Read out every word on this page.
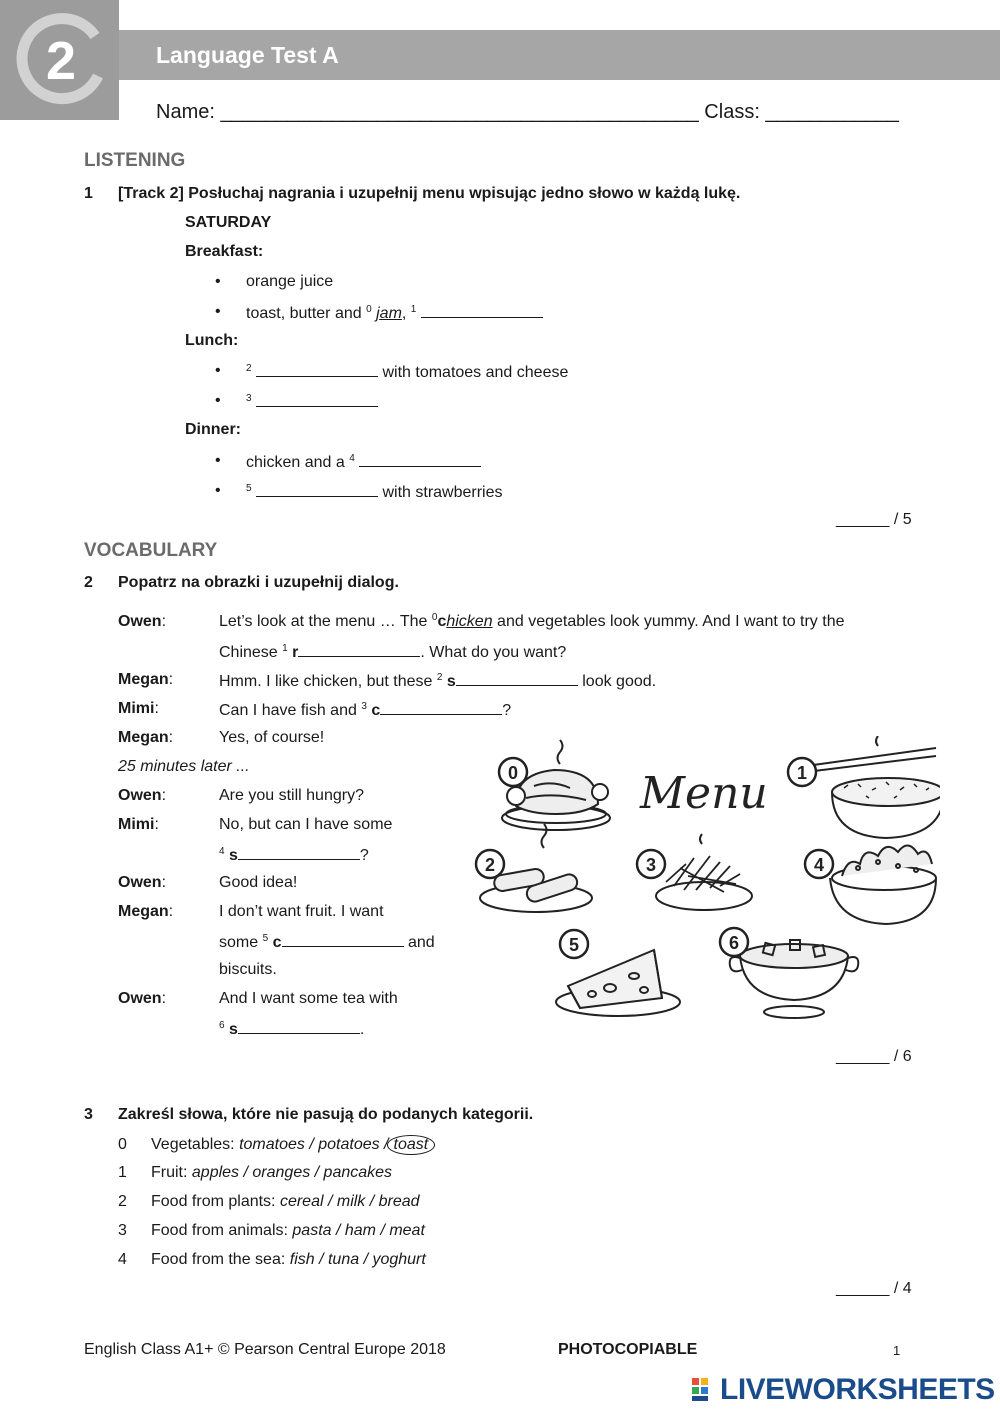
2	Language Test A
Name: ___________________________________________ Class: ____________
LISTENING
1 [Track 2] Posłuchaj nagrania i uzupełnij menu wpisując jedno słowo w każdą lukę.
SATURDAY
Breakfast:
• orange juice
• toast, butter and $^0$ jam, $^1$
Lunch:
•	$^2$	with tomatoes and cheese
•	$^3$
Dinner:
• chicken and a $^4$
•	$^5$	with strawberries
______ / 5
VOCABULARY
2 Popatrz na obrazki i uzupełnij dialog.
Owen:	Let’s look at the menu … The $^0$chicken and vegetables look yummy. And I want to try the
Chinese $^1$ r	. What do you want?
Megan:	Hmm. I like chicken, but these $^2$ s	look good.
Mimi:	Can I have fish and $^3$ c	?
Megan:	Yes, of course!
25 minutes later ...
Owen:	Are you still hungry?
Mimi:	No, but can I have some
$^4$ s	?
Owen:	Good idea!
Megan:	I don’t want fruit. I want
some $^5$ c	and
biscuits.
Owen:	And I want some tea with
$^6$ s	.
0	1
Menu
2	3	4
5	6
______ / 6
3 Zakreśl słowa, które nie pasują do podanych kategorii.
0 Vegetables: tomatoes / potatoes / toast
1 Fruit: apples / oranges / pancakes
2 Food from plants: cereal / milk / bread
3 Food from animals: pasta / ham / meat
4 Food from the sea: fish / tuna / yoghurt
______ / 4
English Class A1+ © Pearson Central Europe 2018	PHOTOCOPIABLE	1
LIVEWORKSHEETS
